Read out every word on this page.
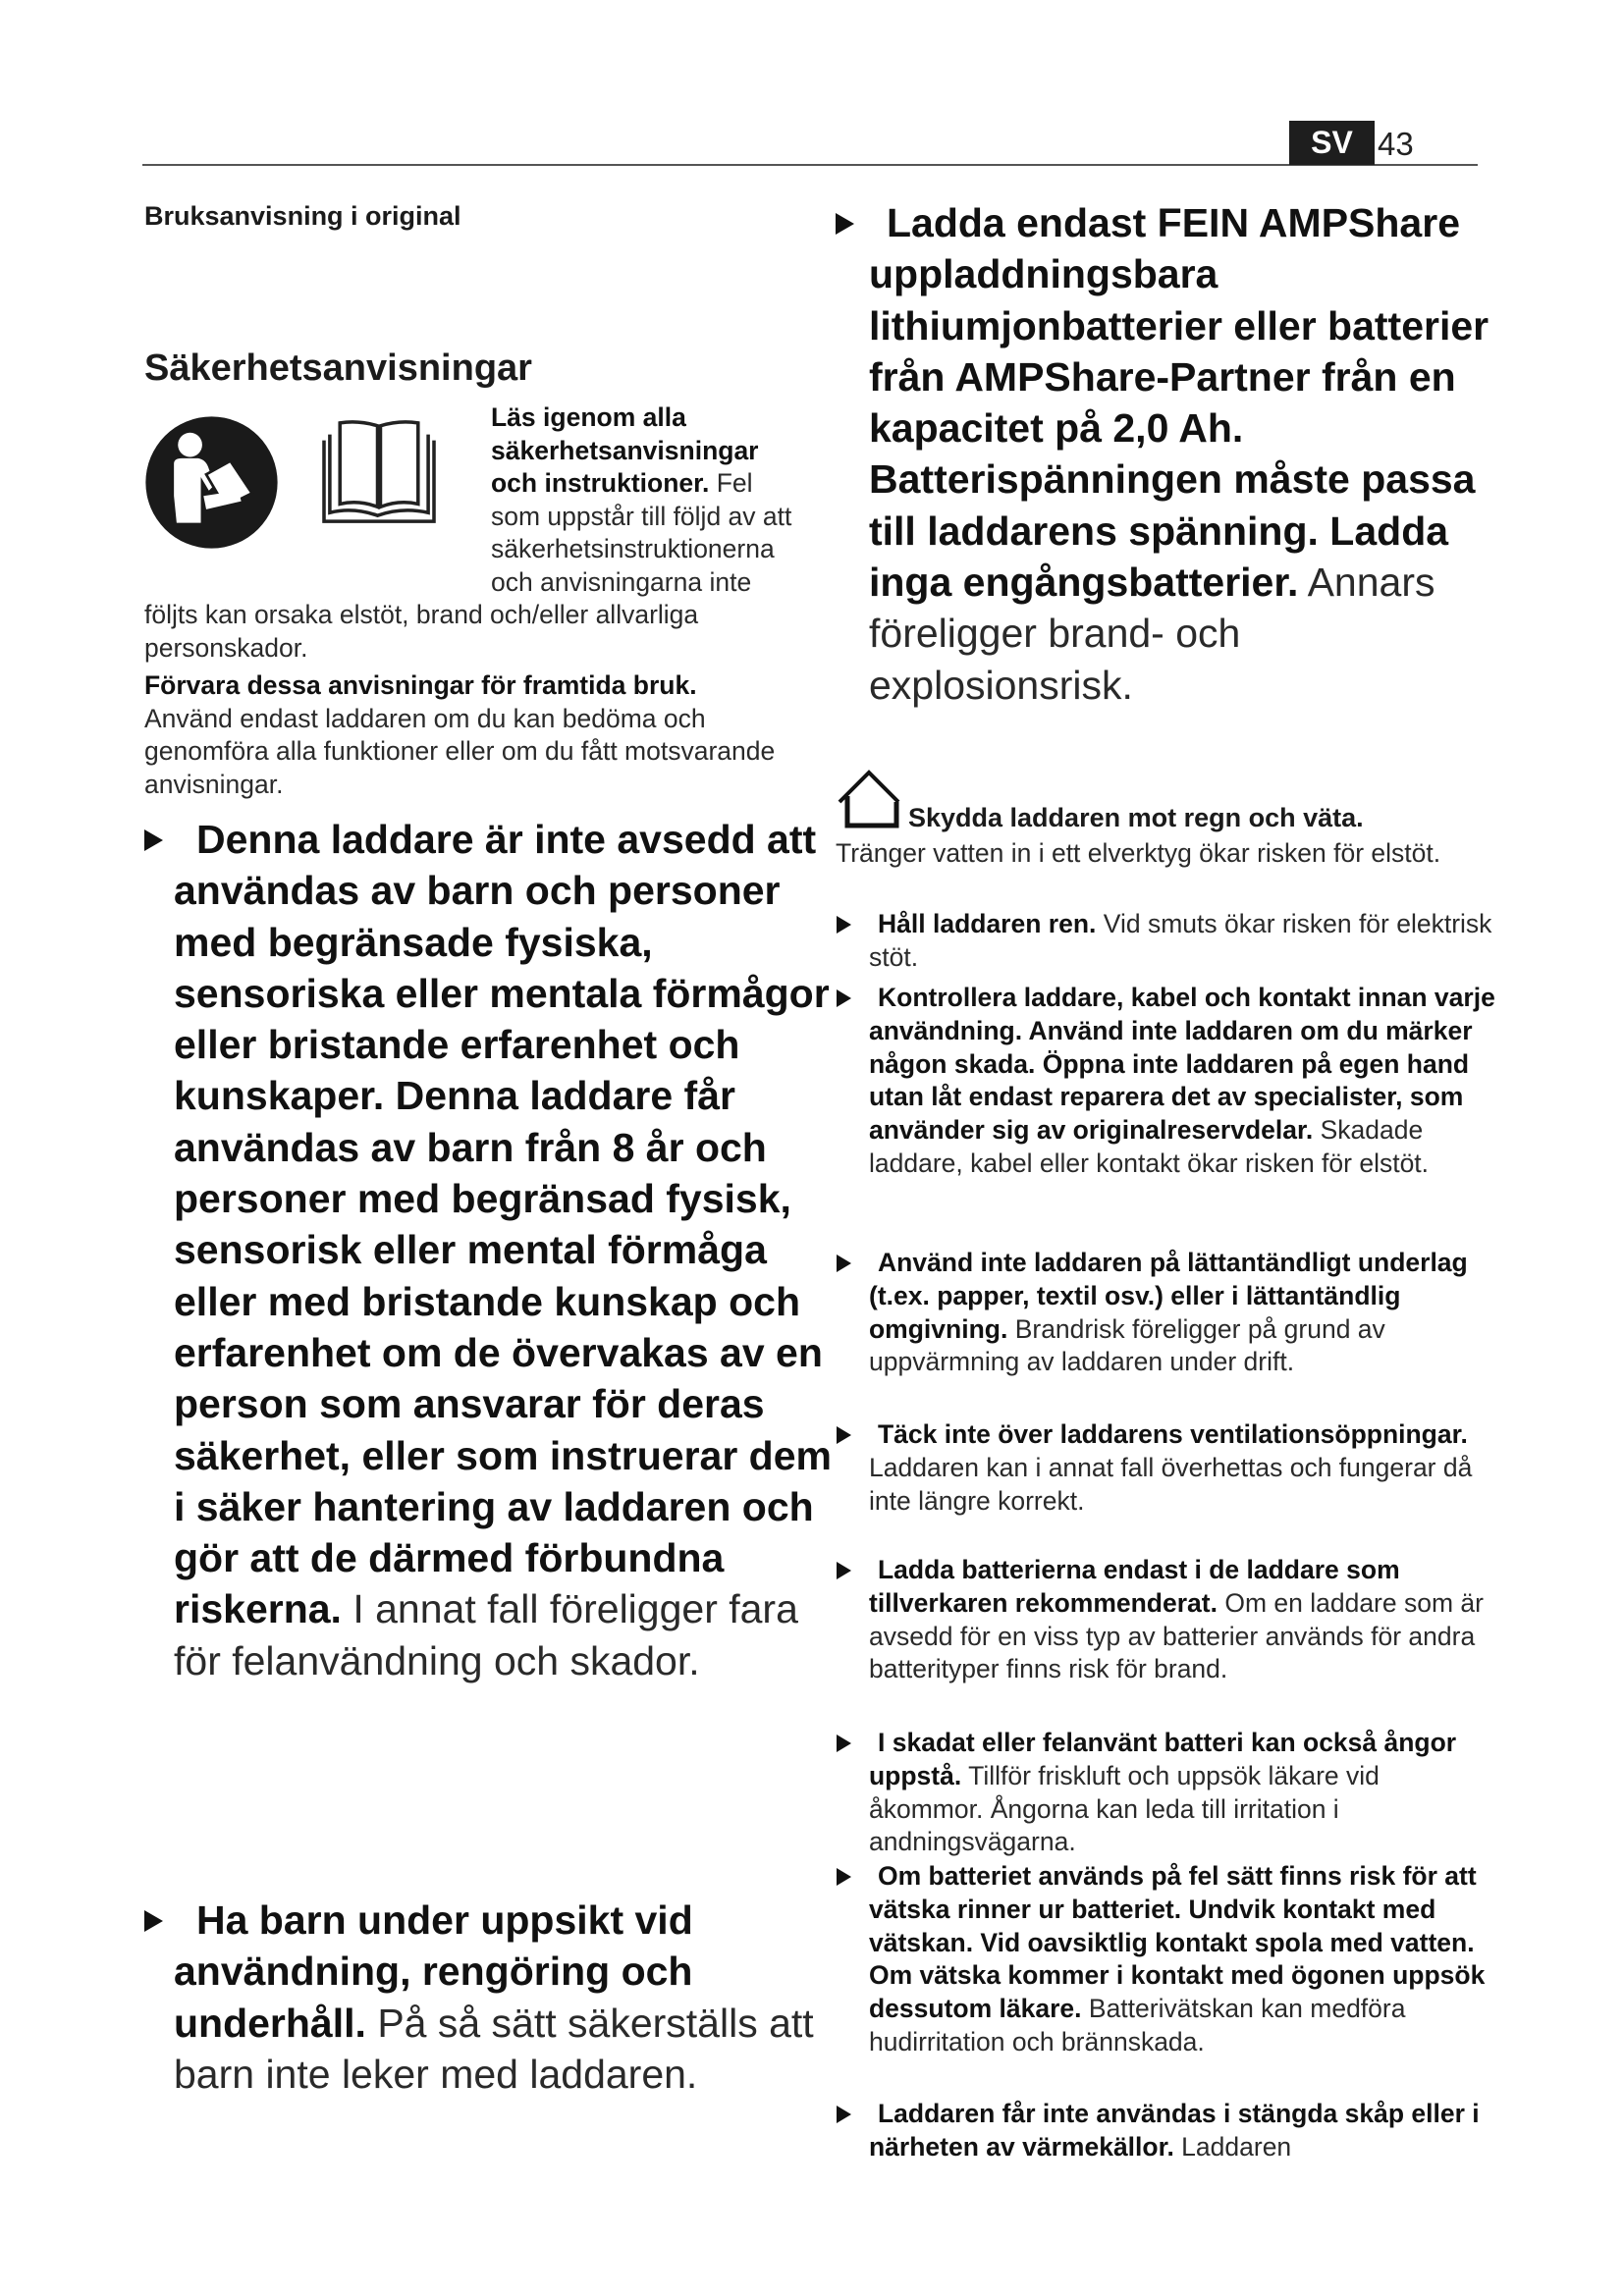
SV 43
Bruksanvisning i original
Säkerhetsanvisningar
Läs igenom alla säkerhetsanvisningar och instruktioner. Fel som uppstår till följd av att säkerhetsinstruktionerna och anvisningarna inte följts kan orsaka elstöt, brand och/eller allvarliga personskador.
Förvara dessa anvisningar för framtida bruk.
Använd endast laddaren om du kan bedöma och genomföra alla funktioner eller om du fått motsvarande anvisningar.
Denna laddare är inte avsedd att användas av barn och personer med begränsade fysiska, sensoriska eller mentala förmågor eller bristande erfarenhet och kunskaper. Denna laddare får användas av barn från 8 år och personer med begränsad fysisk, sensorisk eller mental förmåga eller med bristande kunskap och erfarenhet om de övervakas av en person som ansvarar för deras säkerhet, eller som instruerar dem i säker hantering av laddaren och gör att de därmed förbundna riskerna. I annat fall föreligger fara för felanvändning och skador.
Ha barn under uppsikt vid användning, rengöring och underhåll. På så sätt säkerställs att barn inte leker med laddaren.
Ladda endast FEIN AMPShare uppladdningsbara lithiumjonbatterier eller batterier från AMPShare-Partner från en kapacitet på 2,0 Ah. Batterispänningen måste passa till laddarens spänning. Ladda inga engångsbatterier. Annars föreligger brand- och explosionsrisk.
Skydda laddaren mot regn och väta.
Tränger vatten in i ett elverktyg ökar risken för elstöt.
Håll laddaren ren. Vid smuts ökar risken för elektrisk stöt.
Kontrollera laddare, kabel och kontakt innan varje användning. Använd inte laddaren om du märker någon skada. Öppna inte laddaren på egen hand utan låt endast reparera det av specialister, som använder sig av originalreservdelar. Skadade laddare, kabel eller kontakt ökar risken för elstöt.
Använd inte laddaren på lättantändligt underlag (t.ex. papper, textil osv.) eller i lättantändlig omgivning. Brandrisk föreligger på grund av uppvärmning av laddaren under drift.
Täck inte över laddarens ventilationsöppningar. Laddaren kan i annat fall överhettas och fungerar då inte längre korrekt.
Ladda batterierna endast i de laddare som tillverkaren rekommenderat. Om en laddare som är avsedd för en viss typ av batterier används för andra batterityper finns risk för brand.
I skadat eller felanvänt batteri kan också ångor uppstå. Tillför friskluft och uppsök läkare vid åkommor. Ångorna kan leda till irritation i andningsvägarna.
Om batteriet används på fel sätt finns risk för att vätska rinner ur batteriet. Undvik kontakt med vätskan. Vid oavsiktlig kontakt spola med vatten. Om vätska kommer i kontakt med ögonen uppsök dessutom läkare. Batterivätskan kan medföra hudirritation och brännskada.
Laddaren får inte användas i stängda skåp eller i närheten av värmekällor. Laddaren
